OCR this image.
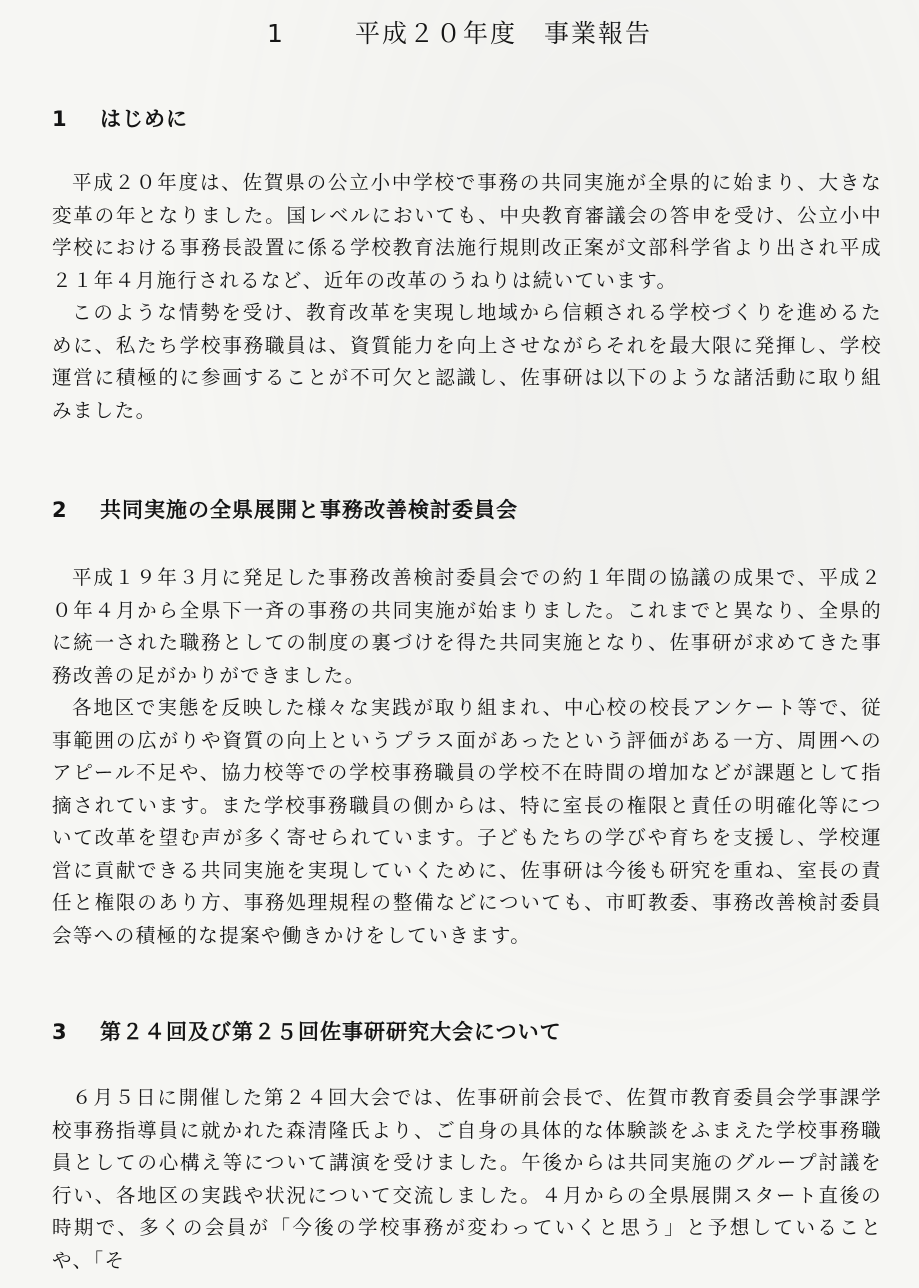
1	平成２０年度　事業報告
1 はじめに

平成２０年度は、佐賀県の公立小中学校で事務の共同実施が全県的に始まり、大きな変革の年となりました。国レベルにおいても、中央教育審議会の答申を受け、公立小中学校における事務長設置に係る学校教育法施行規則改正案が文部科学省より出され平成２１年４月施行されるなど、近年の改革のうねりは続いています。

このような情勢を受け、教育改革を実現し地域から信頼される学校づくりを進めるために、私たち学校事務職員は、資質能力を向上させながらそれを最大限に発揮し、学校運営に積極的に参画することが不可欠と認識し、佐事研は以下のような諸活動に取り組みました。

2 共同実施の全県展開と事務改善検討委員会

平成１９年３月に発足した事務改善検討委員会での約１年間の協議の成果で、平成２０年４月から全県下一斉の事務の共同実施が始まりました。これまでと異なり、全県的に統一された職務としての制度の裏づけを得た共同実施となり、佐事研が求めてきた事務改善の足がかりができました。

各地区で実態を反映した様々な実践が取り組まれ、中心校の校長アンケート等で、従事範囲の広がりや資質の向上というプラス面があったという評価がある一方、周囲へのアピール不足や、協力校等での学校事務職員の学校不在時間の増加などが課題として指摘されています。また学校事務職員の側からは、特に室長の権限と責任の明確化等について改革を望む声が多く寄せられています。子どもたちの学びや育ちを支援し、学校運営に貢献できる共同実施を実現していくために、佐事研は今後も研究を重ね、室長の責任と権限のあり方、事務処理規程の整備などについても、市町教委、事務改善検討委員会等への積極的な提案や働きかけをしていきます。

3 第２４回及び第２５回佐事研研究大会について

６月５日に開催した第２４回大会では、佐事研前会長で、佐賀市教育委員会学事課学校事務指導員に就かれた森清隆氏より、ご自身の具体的な体験談をふまえた学校事務職員としての心構え等について講演を受けました。午後からは共同実施のグループ討議を行い、各地区の実践や状況について交流しました。４月からの全県展開スタート直後の時期で、多くの会員が「今後の学校事務が変わっていくと思う」と予想していることや、「そ
